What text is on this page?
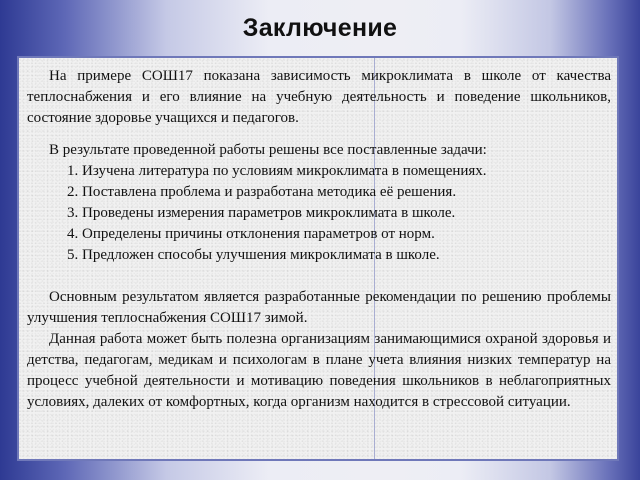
Заключение

На примере СОШ17 показана зависимость микроклимата в школе от качества теплоснабжения и его влияние на учебную деятельность и поведение школьников, состояние здоровье учащихся и педагогов.

В результате проведенной работы решены все поставленные задачи:

1. Изучена литература по условиям микроклимата в помещениях.
2. Поставлена проблема и разработана методика её решения.
3. Проведены измерения параметров микроклимата в школе.
4. Определены причины отклонения параметров от норм.
5. Предложен способы улучшения микроклимата в школе.

Основным результатом является разработанные рекомендации по решению проблемы улучшения теплоснабжения СОШ17 зимой.

Данная работа может быть полезна организациям занимающимися охраной здоровья и детства, педагогам, медикам и психологам в плане учета влияния низких температур на процесс учебной деятельности и мотивацию поведения школьников в неблагоприятных условиях, далеких от комфортных, когда организм находится в стрессовой ситуации.
